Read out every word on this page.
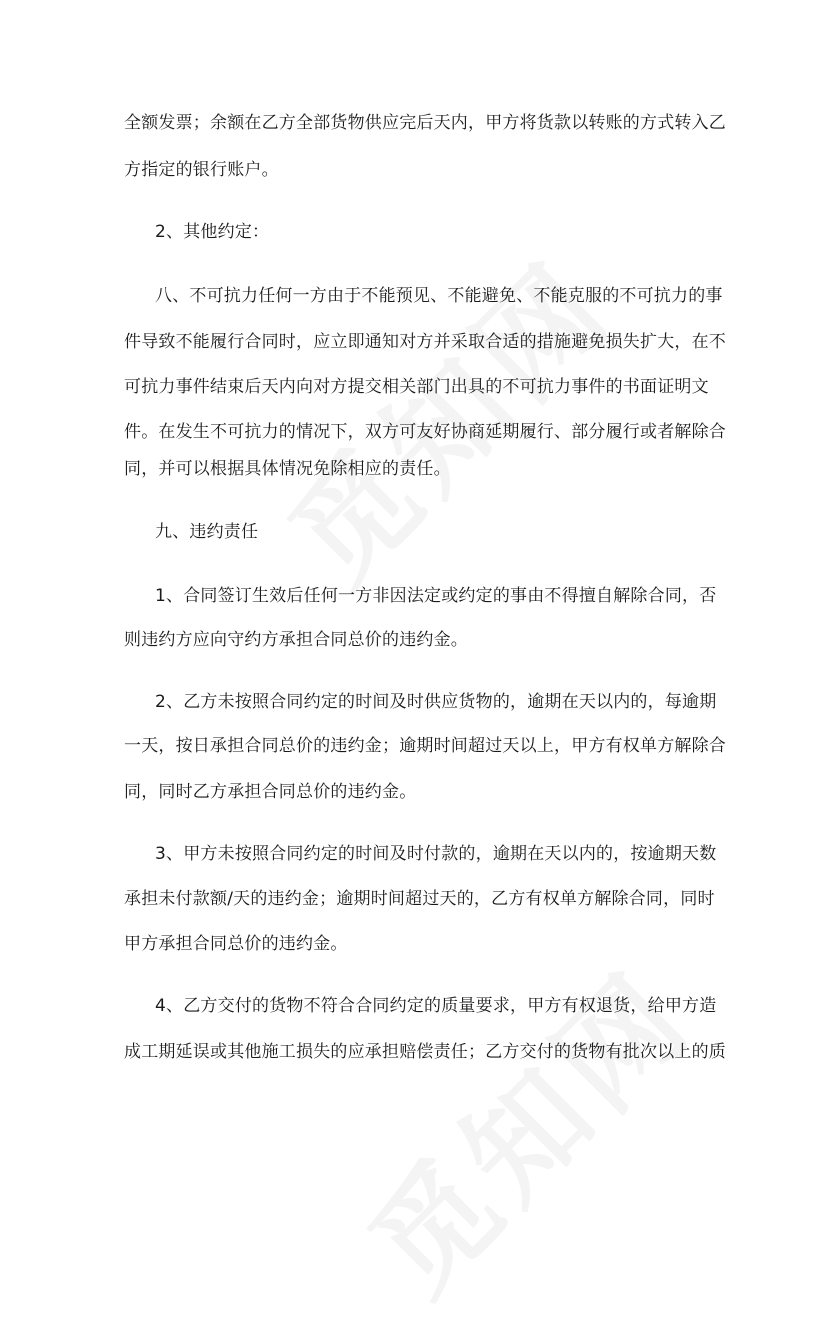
全额发票；余额在乙方全部货物供应完后天内，甲方将货款以转账的方式转入乙
方指定的银行账户。
2、其他约定：
八、不可抗力任何一方由于不能预见、不能避免、不能克服的不可抗力的事
件导致不能履行合同时，应立即通知对方并采取合适的措施避免损失扩大，在不
可抗力事件结束后天内向对方提交相关部门出具的不可抗力事件的书面证明文
件。在发生不可抗力的情况下，双方可友好协商延期履行、部分履行或者解除合
同，并可以根据具体情况免除相应的责任。
九、违约责任
1、合同签订生效后任何一方非因法定或约定的事由不得擅自解除合同，否
则违约方应向守约方承担合同总价的违约金。
2、乙方未按照合同约定的时间及时供应货物的，逾期在天以内的，每逾期
一天，按日承担合同总价的违约金；逾期时间超过天以上，甲方有权单方解除合
同，同时乙方承担合同总价的违约金。
3、甲方未按照合同约定的时间及时付款的，逾期在天以内的，按逾期天数
承担未付款额/天的违约金；逾期时间超过天的，乙方有权单方解除合同，同时
甲方承担合同总价的违约金。
4、乙方交付的货物不符合合同约定的质量要求，甲方有权退货，给甲方造
成工期延误或其他施工损失的应承担赔偿责任；乙方交付的货物有批次以上的质
